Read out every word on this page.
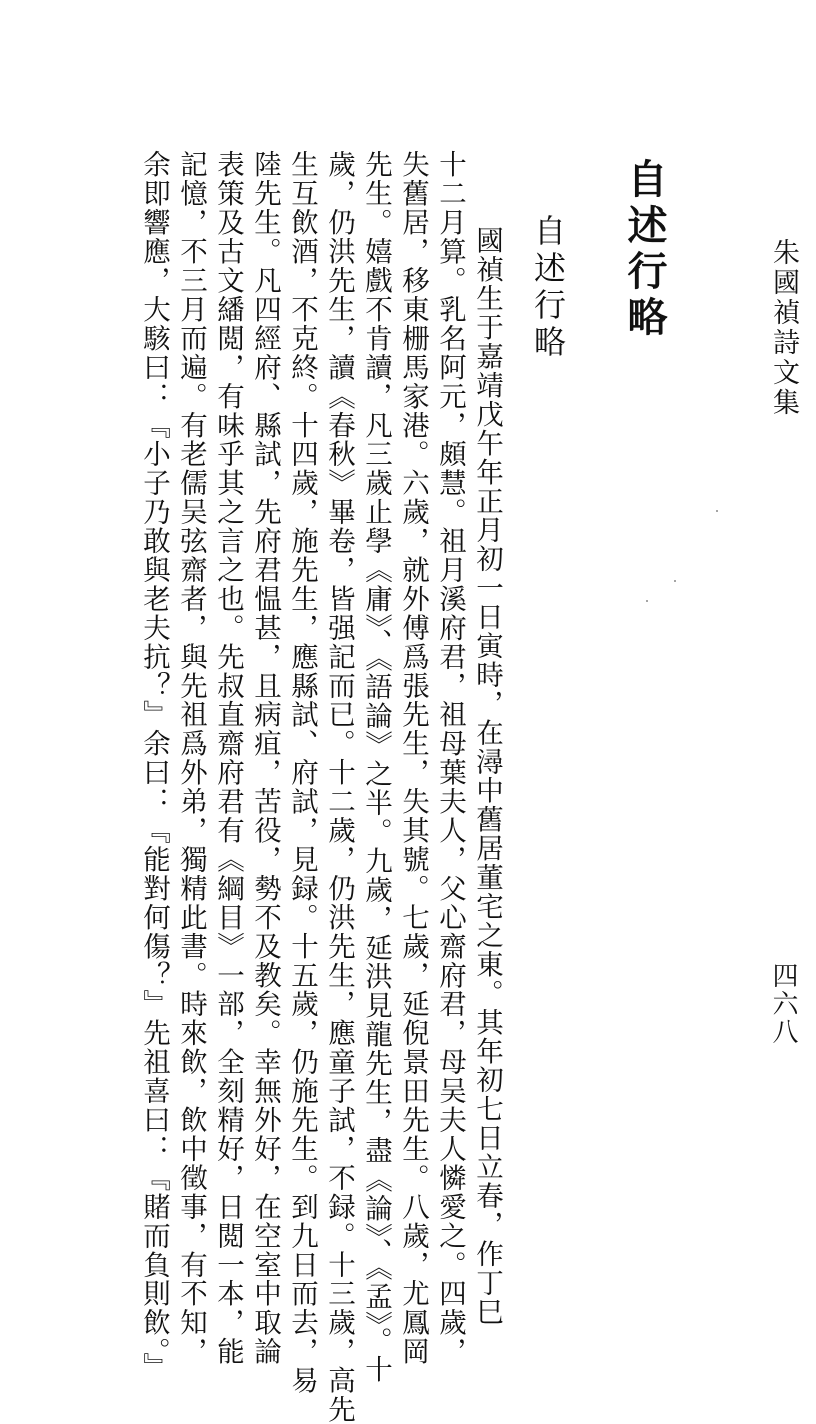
朱國禎詩文集
四六八
自述行略
自述行略
國禎生于嘉靖戊午年正月初一日寅時，在潯中舊居董宅之東。其年初七日立春，作丁巳
十二月算。乳名阿元，頗慧。祖月溪府君，祖母葉夫人，父心齋府君，母吴夫人憐愛之。四歲，
失舊居，移東栅馬家港。六歲，就外傅爲張先生，失其號。七歲，延倪景田先生。八歲，尤鳳岡
先生。嬉戲不肯讀，凡三歲止學《庸》、《語論》之半。九歲，延洪見龍先生，盡《論》、《孟》。十
歲，仍洪先生，讀《春秋》畢卷，皆强記而已。十二歲，仍洪先生，應童子試，不録。十三歲，高先
生互飲酒，不克終。十四歲，施先生，應縣試、府試，見録。十五歲，仍施先生。到九日而去，易
陸先生。凡四經府、縣試，先府君愠甚，且病疽，苦役，勢不及教矣。幸無外好，在空室中取論
表策及古文繙閲，有味乎其之言之也。先叔直齋府君有《綱目》一部，全刻精好，日閲一本，能
記憶，不三月而遍。有老儒吴弦齋者，與先祖爲外弟，獨精此書。時來飲，飲中徵事，有不知，
余即響應，大駭曰：『小子乃敢與老夫抗？』余曰：『能對何傷？』先祖喜曰：『賭而負則飲。』
